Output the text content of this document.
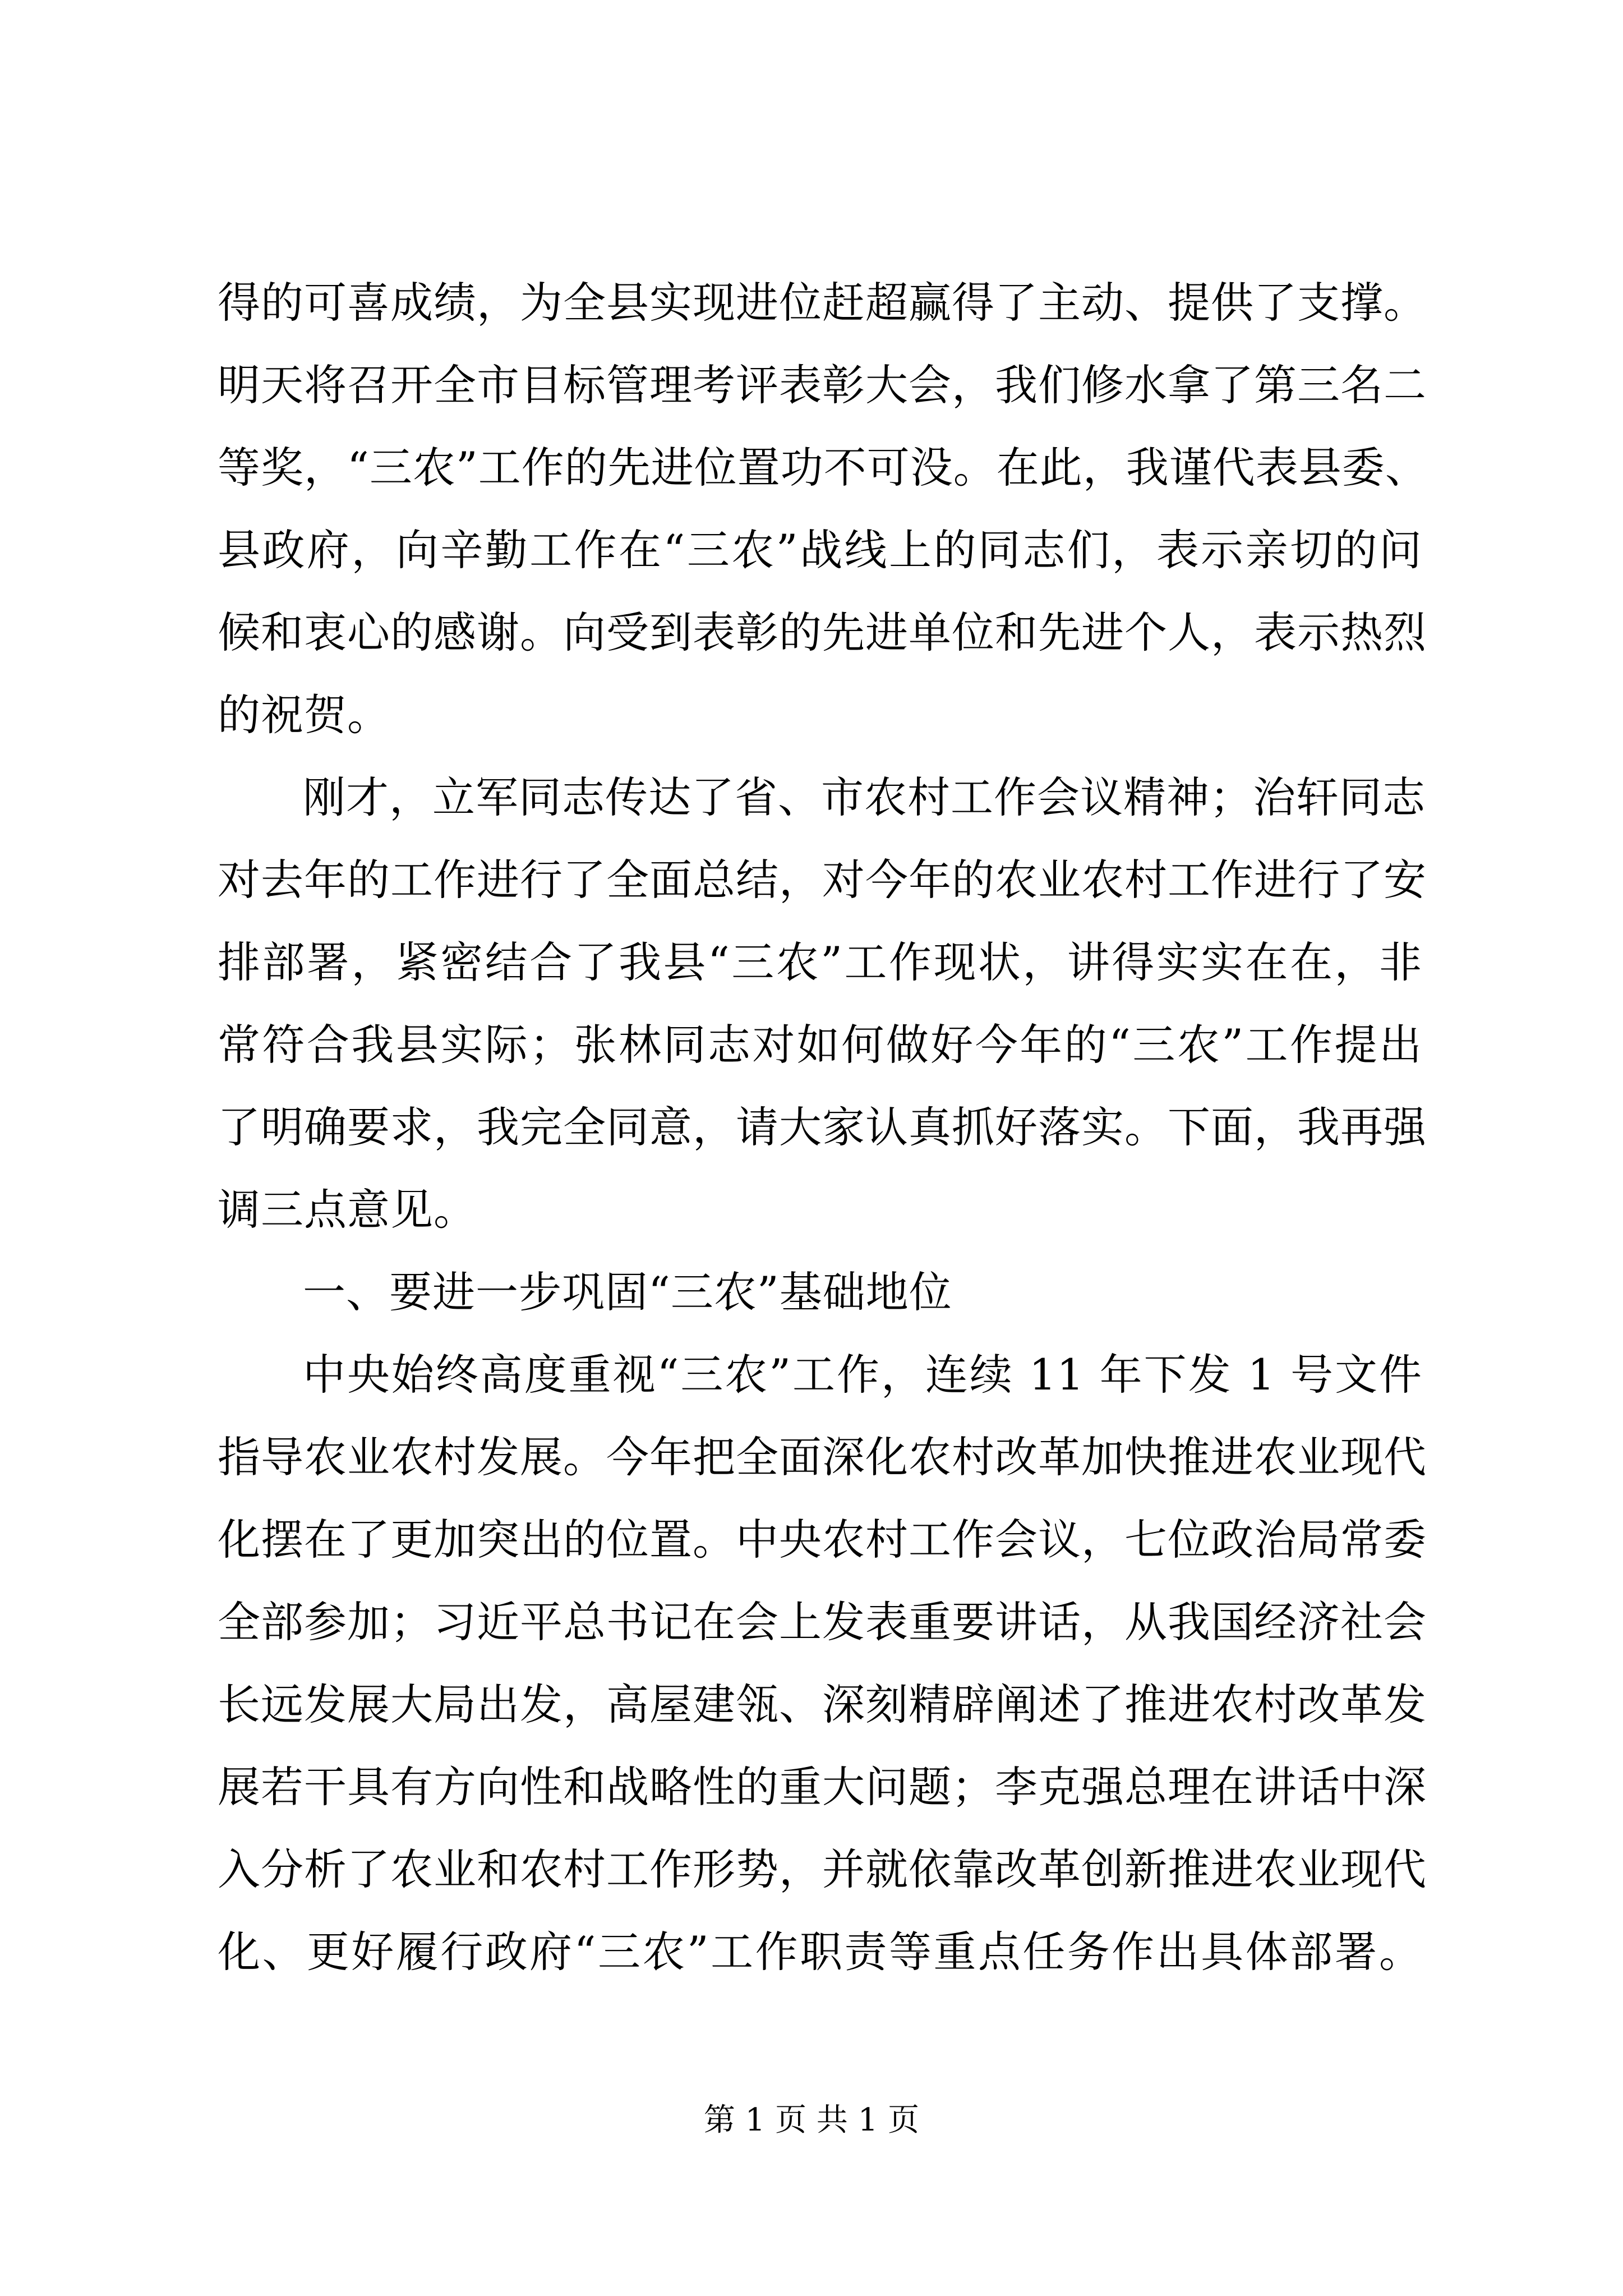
得的可喜成绩，为全县实现进位赶超赢得了主动、提供了支撑。
明天将召开全市目标管理考评表彰大会，我们修水拿了第三名二
等奖，“三农”工作的先进位置功不可没。在此，我谨代表县委、
县政府，向辛勤工作在“三农”战线上的同志们，表示亲切的问
候和衷心的感谢。向受到表彰的先进单位和先进个人，表示热烈
的祝贺。
刚才，立军同志传达了省、市农村工作会议精神；治轩同志
对去年的工作进行了全面总结，对今年的农业农村工作进行了安
排部署，紧密结合了我县“三农”工作现状，讲得实实在在，非
常符合我县实际；张林同志对如何做好今年的“三农”工作提出
了明确要求，我完全同意，请大家认真抓好落实。下面，我再强
调三点意见。
一、要进一步巩固“三农”基础地位
中央始终高度重视“三农”工作，连续 11 年下发 1 号文件
指导农业农村发展。今年把全面深化农村改革加快推进农业现代
化摆在了更加突出的位置。中央农村工作会议，七位政治局常委
全部参加；习近平总书记在会上发表重要讲话，从我国经济社会
长远发展大局出发，高屋建瓴、深刻精辟阐述了推进农村改革发
展若干具有方向性和战略性的重大问题；李克强总理在讲话中深
入分析了农业和农村工作形势，并就依靠改革创新推进农业现代
化、更好履行政府“三农”工作职责等重点任务作出具体部署。
第 1 页 共 1 页
